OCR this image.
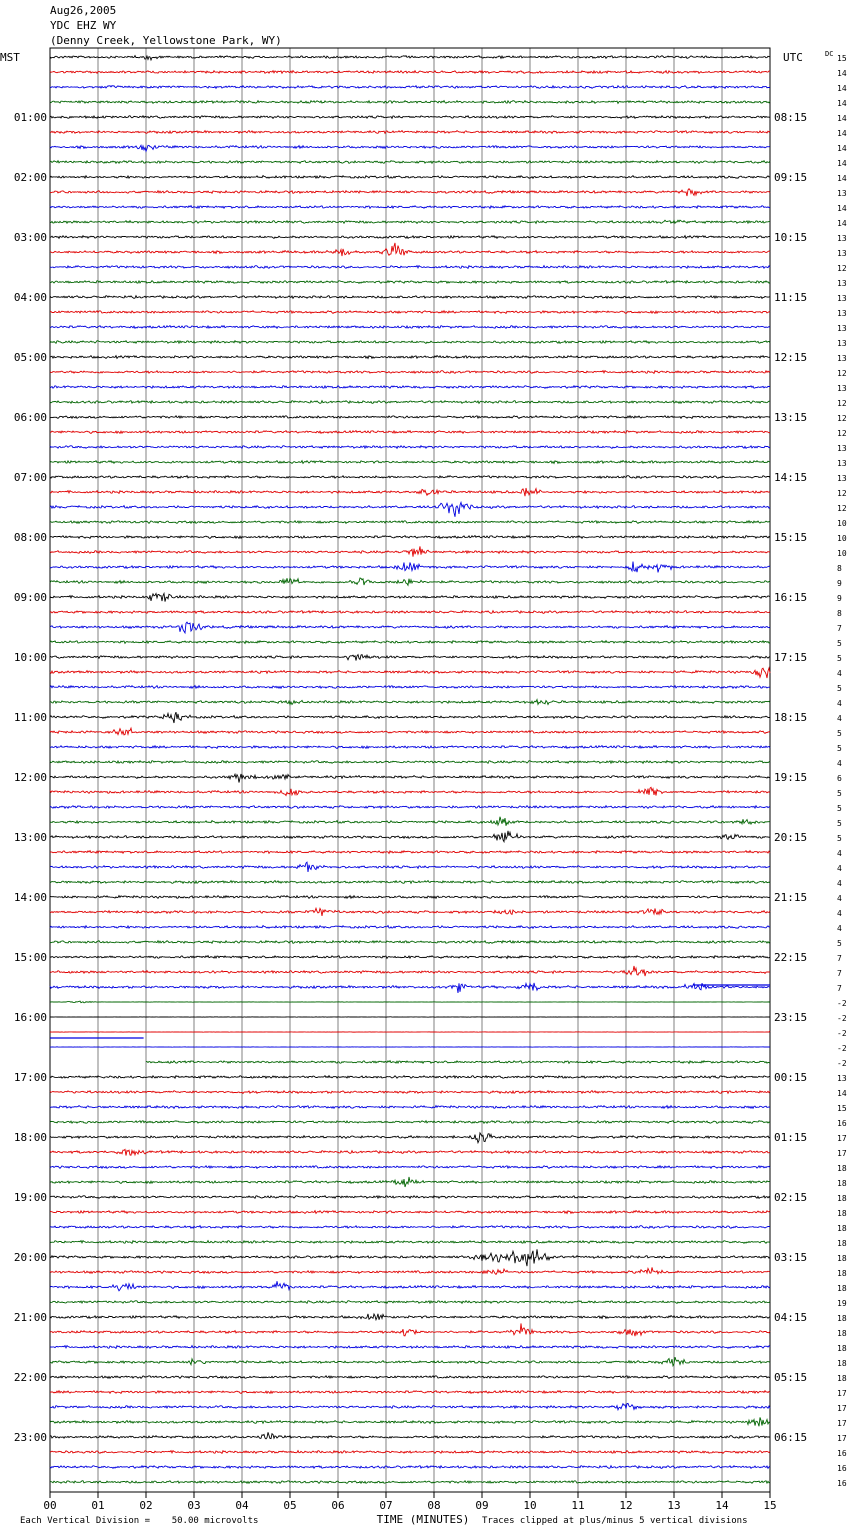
Aug26,2005
YDC EHZ WY
(Denny Creek, Yellowstone Park, WY)
15
14
14
14
14
14
14
14
14
13
14
14
13
13
12
13
13
13
13
13
13
12
13
12
12
12
13
13
13
12
12
10
10
10
8
9
9
8
7
5
5
4
5
4
4
5
5
4
6
5
5
5
5
4
4
4
4
4
4
5
7
7
7
-2
-2
-2
-2
-2
13
14
15
16
17
17
18
18
18
18
18
18
18
18
18
19
18
18
18
18
18
17
17
17
17
16
16
16
MST	UTC	DC
01:00
02:00
03:00
04:00
05:00
06:00
07:00
08:00
09:00
10:00
11:00
12:00
13:00
14:00
15:00
16:00
17:00
18:00
19:00
20:00
21:00
22:00
23:00
08:15
09:15
10:15
11:15
12:15
13:15
14:15
15:15
16:15
17:15
18:15
19:15
20:15
21:15
22:15
23:15
00:15
01:15
02:15
03:15
04:15
05:15
06:15
00	01	02	03	04	05	06	07	08	09	10	11	12	13	14	15
TIME (MINUTES)
Each Vertical Division =    50.00 microvolts	Traces clipped at plus/minus 5 vertical divisions
